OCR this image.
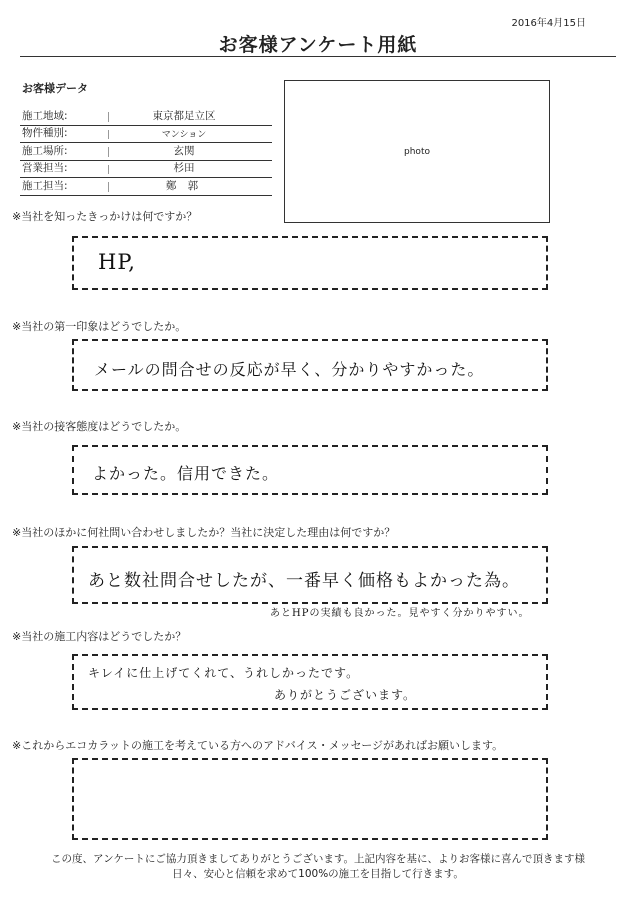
2016年4月15日
お客様アンケート用紙
お客様データ
施工地域:	東京都足立区
物件種別:	マンション
施工場所:	玄関
営業担当:	杉田
施工担当:	鄭 郭
photo
※当社を知ったきっかけは何ですか？
HP,
※当社の第一印象はどうでしたか。
メールの問合せの反応が早く、分かりやすかった。
※当社の接客態度はどうでしたか。
よかった。信用できた。
※当社のほかに何社問い合わせしましたか？当社に決定した理由は何ですか？
あと数社問合せしたが、一番早く価格もよかった為。
あとHPの実績も良かった。見やすく分かりやすい。
※当社の施工内容はどうでしたか？
キレイに仕上げてくれて、うれしかったです。
ありがとうございます。
※これからエコカラットの施工を考えている方へのアドバイス・メッセージがあればお願いします。
この度、アンケートにご協力頂きましてありがとうございます。上記内容を基に、よりお客様に喜んで頂きます様
日々、安心と信頼を求めて100%の施工を目指して行きます。
